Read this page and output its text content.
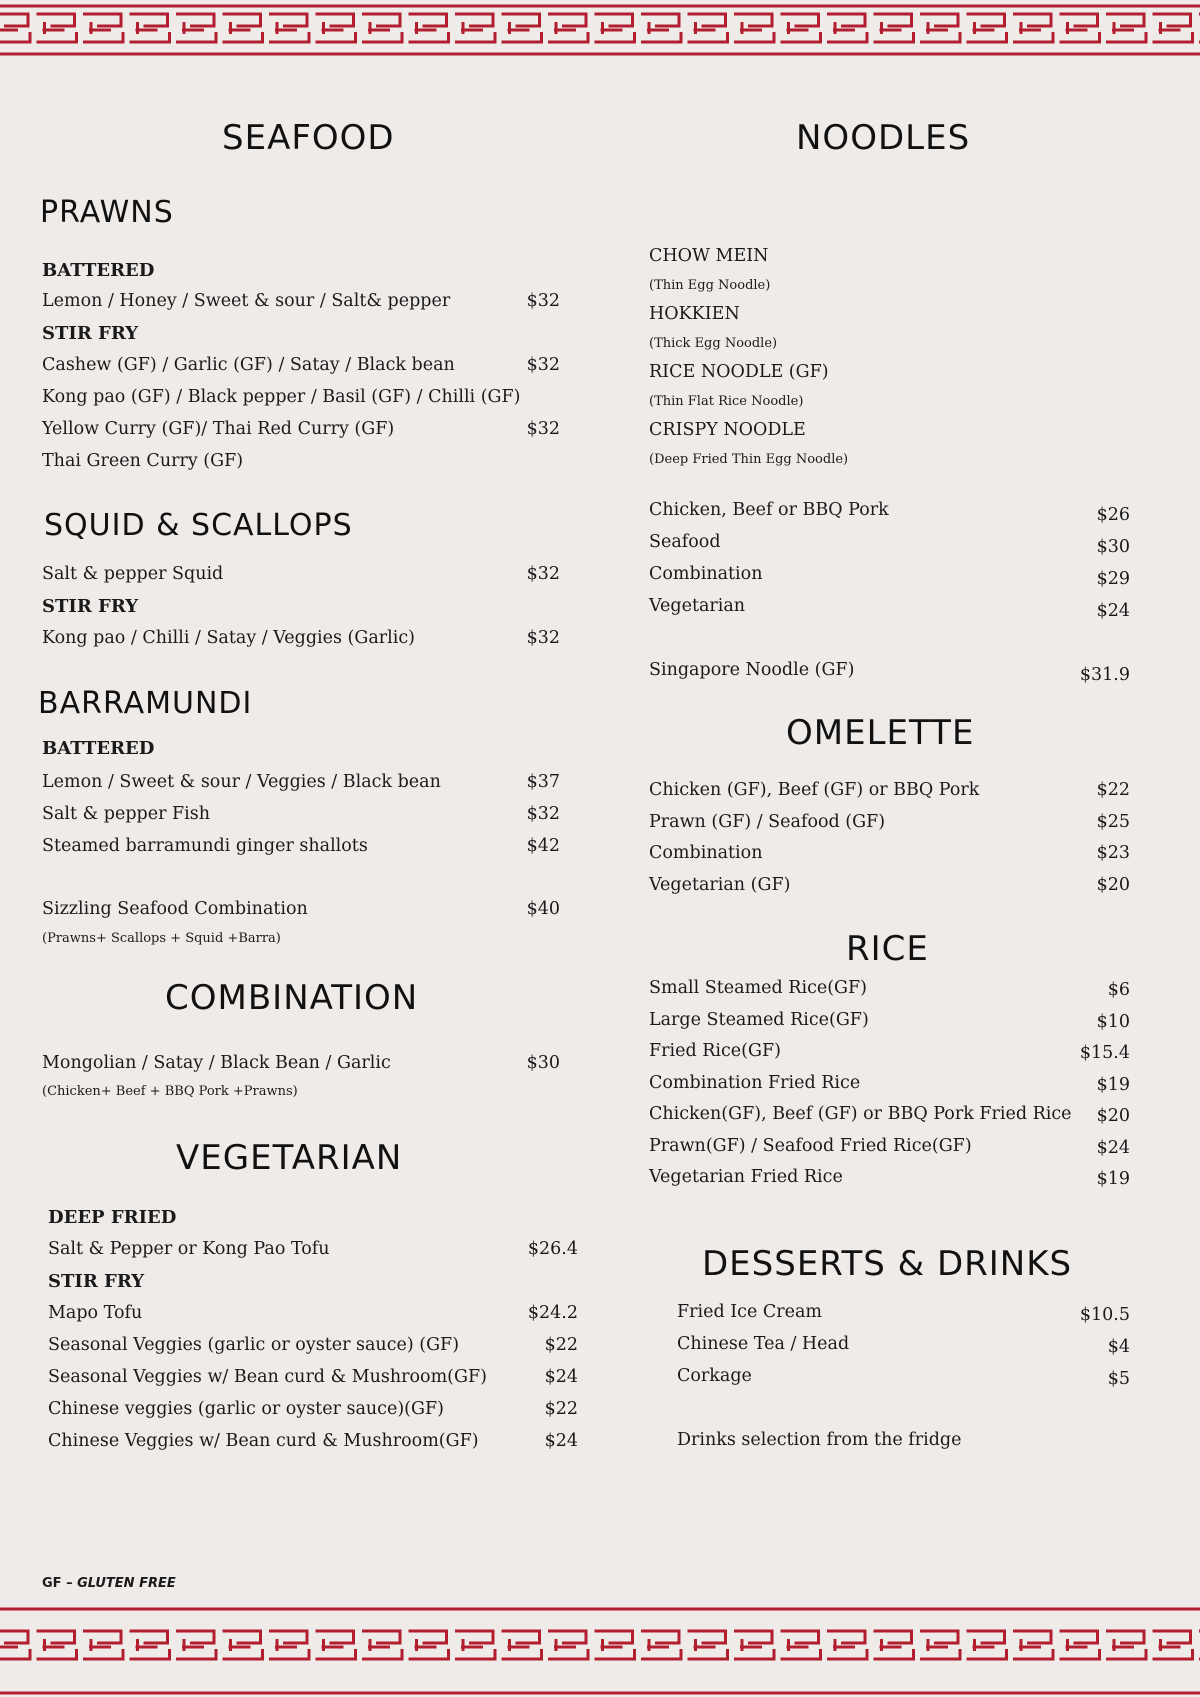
SEAFOOD
PRAWNS
BATTERED
Lemon / Honey / Sweet & sour / Salt& pepper	$32
STIR FRY
Cashew (GF) / Garlic (GF) / Satay / Black bean	$32
Kong pao (GF) / Black pepper / Basil (GF) / Chilli (GF)
Yellow Curry (GF)/ Thai Red Curry (GF)	$32
Thai Green Curry (GF)
SQUID & SCALLOPS
Salt & pepper Squid	$32
STIR FRY
Kong pao / Chilli / Satay / Veggies (Garlic)	$32
BARRAMUNDI
BATTERED
Lemon / Sweet & sour / Veggies / Black bean	$37
Salt & pepper Fish	$32
Steamed barramundi ginger shallots	$42
Sizzling Seafood Combination	$40
(Prawns+ Scallops + Squid +Barra)
COMBINATION
Mongolian / Satay / Black Bean / Garlic	$30
(Chicken+ Beef + BBQ Pork +Prawns)
VEGETARIAN
DEEP FRIED
Salt & Pepper or Kong Pao Tofu	$26.4
STIR FRY
Mapo Tofu	$24.2
Seasonal Veggies (garlic or oyster sauce) (GF)	$22
Seasonal Veggies w/ Bean curd & Mushroom(GF)	$24
Chinese veggies (garlic or oyster sauce)(GF)	$22
Chinese Veggies w/ Bean curd & Mushroom(GF)	$24
NOODLES
CHOW MEIN
(Thin Egg Noodle)
HOKKIEN
(Thick Egg Noodle)
RICE NOODLE (GF)
(Thin Flat Rice Noodle)
CRISPY NOODLE
(Deep Fried Thin Egg Noodle)
Chicken, Beef or BBQ Pork	$26
Seafood	$30
Combination	$29
Vegetarian	$24
Singapore Noodle (GF)	$31.9
OMELETTE
Chicken (GF), Beef (GF) or BBQ Pork	$22
Prawn (GF) / Seafood (GF)	$25
Combination	$23
Vegetarian (GF)	$20
RICE
Small Steamed Rice(GF)	$6
Large Steamed Rice(GF)	$10
Fried Rice(GF)	$15.4
Combination Fried Rice	$19
Chicken(GF), Beef (GF) or BBQ Pork Fried Rice	$20
Prawn(GF) / Seafood Fried Rice(GF)	$24
Vegetarian Fried Rice	$19
DESSERTS & DRINKS
Fried Ice Cream	$10.5
Chinese Tea / Head	$4
Corkage	$5
Drinks selection from the fridge
GF – GLUTEN FREE
